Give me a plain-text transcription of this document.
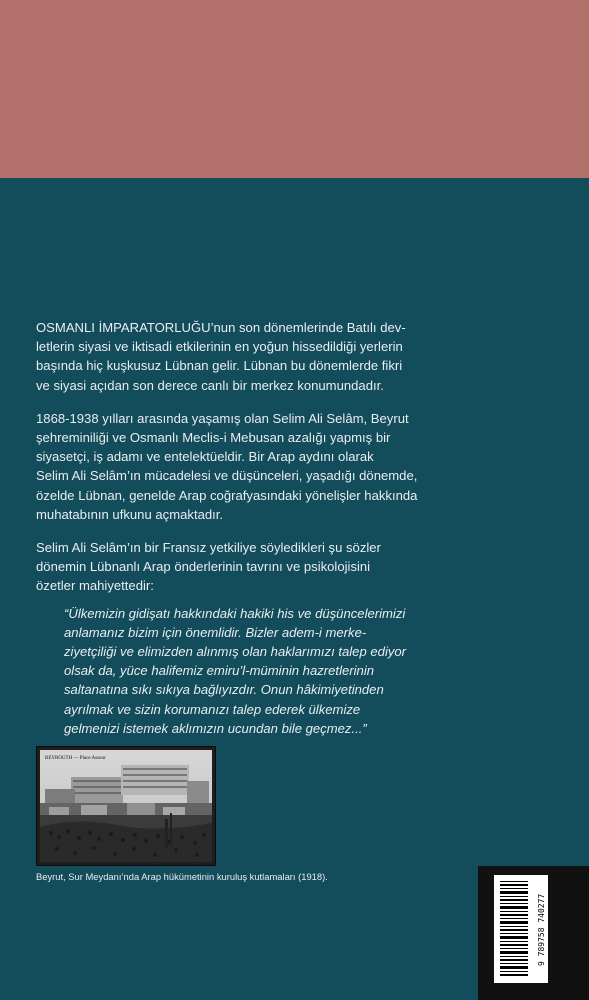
OSMANLI İMPARATORLUĞU’nun son dönemlerinde Batılı dev-
letlerin siyasi ve iktisadi etkilerinin en yoğun hissedildiği yerlerin
başında hiç kuşkusuz Lübnan gelir. Lübnan bu dönemlerde fikri
ve siyasi açıdan son derece canlı bir merkez konumundadır.

1868-1938 yılları arasında yaşamış olan Selim Ali Selâm, Beyrut
şehreminiliği ve Osmanlı Meclis-i Mebusan azalığı yapmış bir
siyasetçi, iş adamı ve entelektüeldir. Bir Arap aydını olarak
Selim Ali Selâm’ın mücadelesi ve düşünceleri, yaşadığı dönemde,
özelde Lübnan, genelde Arap coğrafyasındaki yönelişler hakkında
muhatabının ufkunu açmaktadır.

Selim Ali Selâm’ın bir Fransız yetkiliye söyledikleri şu sözler
dönemin Lübnanlı Arap önderlerinin tavrını ve psikolojisini
özetler mahiyettedir:

“Ülkemizin gidişatı hakkındaki hakiki his ve düşüncelerimizi
anlamanız bizim için önemlidir. Bizler adem-i merke-
ziyetçiliği ve elimizden alınmış olan haklarımızı talep ediyor
olsak da, yüce halifemiz emiru’l-müminin hazretlerinin
saltanatına sıkı sıkıya bağlıyızdır. Onun hâkimiyetinden
ayrılmak ve sizin korumanızı talep ederek ülkemize
gelmenizi istemek aklımızın ucundan bile geçmez...”
BEYROUTH — Place Assour
Beyrut, Sur Meydanı’nda Arap hükümetinin kuruluş kutlamaları (1918).
9 789758 740277
